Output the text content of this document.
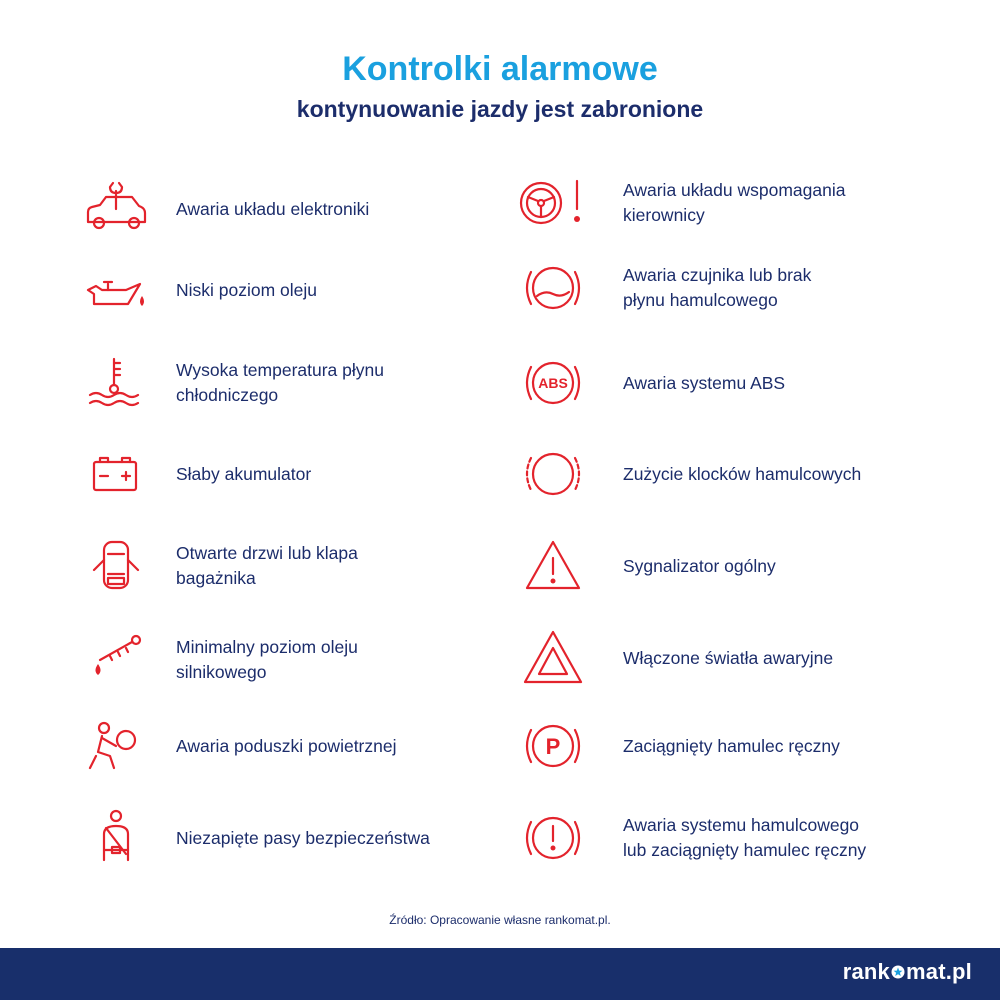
Kontrolki alarmowe
kontynuowanie jazdy jest zabronione
Awaria układu elektroniki
Niski poziom oleju
Wysoka temperatura płynu
chłodniczego
Słaby akumulator
Otwarte drzwi lub klapa
bagażnika
Minimalny poziom oleju
silnikowego
Awaria poduszki powietrznej
Niezapięte pasy bezpieczeństwa
Awaria układu wspomagania
kierownicy
Awaria czujnika lub brak
płynu hamulcowego
ABS	Awaria systemu ABS
Zużycie klocków hamulcowych
Sygnalizator ogólny
Włączone światła awaryjne
P	Zaciągnięty hamulec ręczny
Awaria systemu hamulcowego
lub zaciągnięty hamulec ręczny
Źródło: Opracowanie własne rankomat.pl.
rank mat.pl
